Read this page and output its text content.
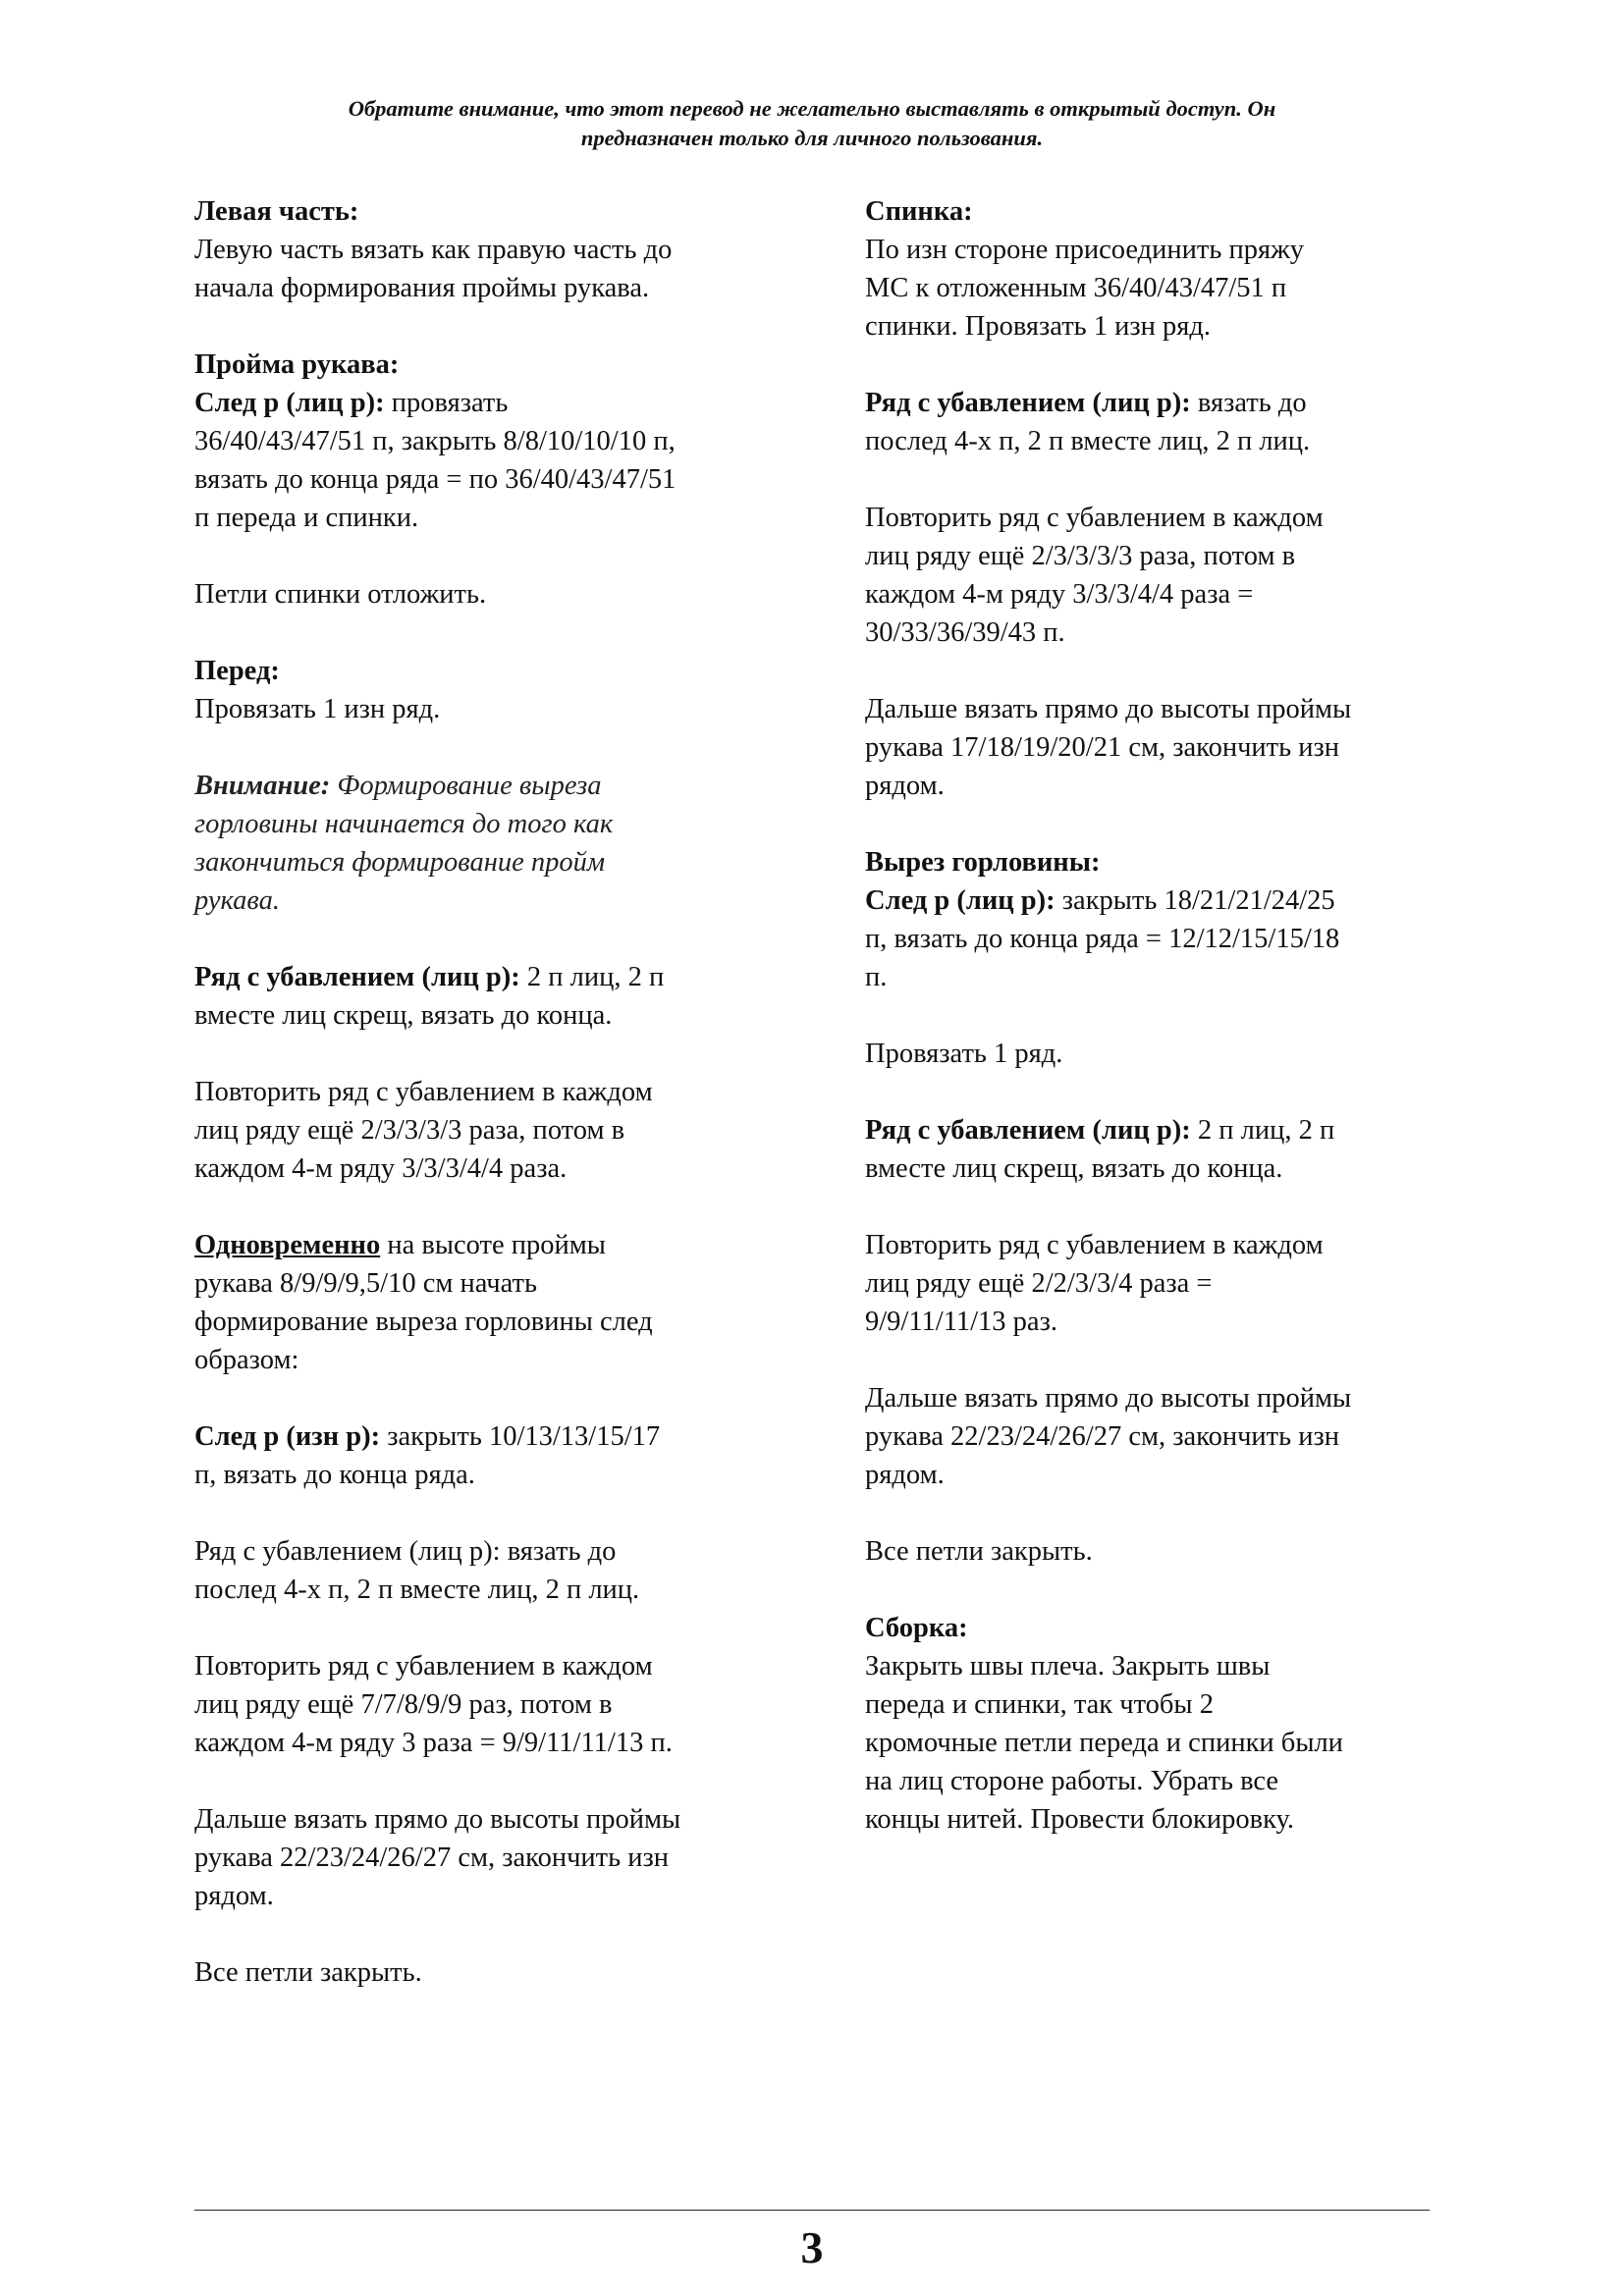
Обратите внимание, что этот перевод не желательно выставлять в открытый доступ. Он
предназначен только для личного пользования.

Левая часть:

Левую часть вязать как правую часть до

начала формирования проймы рукава.

Пройма рукава:

След р (лиц р): провязать

36/40/43/47/51 п, закрыть 8/8/10/10/10 п,

вязать до конца ряда = по 36/40/43/47/51

п переда и спинки.

Петли спинки отложить.

Перед:

Провязать 1 изн ряд.

Внимание: Формирование выреза

горловины начинается до того как

закончиться формирование пройм

рукава.

Ряд с убавлением (лиц р): 2 п лиц, 2 п

вместе лиц скрещ, вязать до конца.

Повторить ряд с убавлением в каждом

лиц ряду ещё 2/3/3/3/3 раза, потом в

каждом 4-м ряду 3/3/3/4/4 раза.

Одновременно на высоте проймы

рукава 8/9/9/9,5/10 см начать

формирование выреза горловины след

образом:

След р (изн р): закрыть 10/13/13/15/17

п, вязать до конца ряда.

Ряд с убавлением (лиц р): вязать до

послед 4-х п, 2 п вместе лиц, 2 п лиц.

Повторить ряд с убавлением в каждом

лиц ряду ещё 7/7/8/9/9 раз, потом в

каждом 4-м ряду 3 раза = 9/9/11/11/13 п.

Дальше вязать прямо до высоты проймы

рукава 22/23/24/26/27 см, закончить изн

рядом.

Все петли закрыть.

Спинка:

По изн стороне присоединить пряжу

МС к отложенным 36/40/43/47/51 п

спинки. Провязать 1 изн ряд.

Ряд с убавлением (лиц р): вязать до

послед 4-х п, 2 п вместе лиц, 2 п лиц.

Повторить ряд с убавлением в каждом

лиц ряду ещё 2/3/3/3/3 раза, потом в

каждом 4-м ряду 3/3/3/4/4 раза =

30/33/36/39/43 п.

Дальше вязать прямо до высоты проймы

рукава 17/18/19/20/21 см, закончить изн

рядом.

Вырез горловины:

След р (лиц р): закрыть 18/21/21/24/25

п, вязать до конца ряда = 12/12/15/15/18

п.

Провязать 1 ряд.

Ряд с убавлением (лиц р): 2 п лиц, 2 п

вместе лиц скрещ, вязать до конца.

Повторить ряд с убавлением в каждом

лиц ряду ещё 2/2/3/3/4 раза =

9/9/11/11/13 раз.

Дальше вязать прямо до высоты проймы

рукава 22/23/24/26/27 см, закончить изн

рядом.

Все петли закрыть.

Сборка:

Закрыть швы плеча. Закрыть швы

переда и спинки, так чтобы 2

кромочные петли переда и спинки были

на лиц стороне работы. Убрать все

концы нитей. Провести блокировку.

3
